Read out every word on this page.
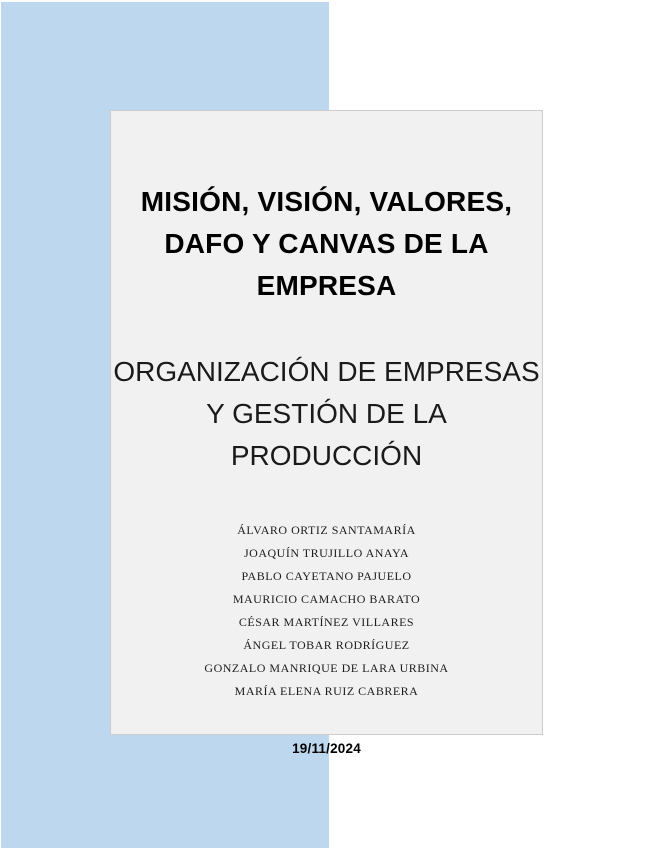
MISIÓN, VISIÓN, VALORES,
DAFO Y CANVAS DE LA
EMPRESA
ORGANIZACIÓN DE EMPRESAS
Y GESTIÓN DE LA PRODUCCIÓN
ÁLVARO ORTIZ SANTAMARÍA
JOAQUÍN TRUJILLO ANAYA
PABLO CAYETANO PAJUELO
MAURICIO CAMACHO BARATO
CÉSAR MARTÍNEZ VILLARES
ÁNGEL TOBAR RODRÍGUEZ
GONZALO MANRIQUE DE LARA URBINA
MARÍA ELENA RUIZ CABRERA
19/11/2024
